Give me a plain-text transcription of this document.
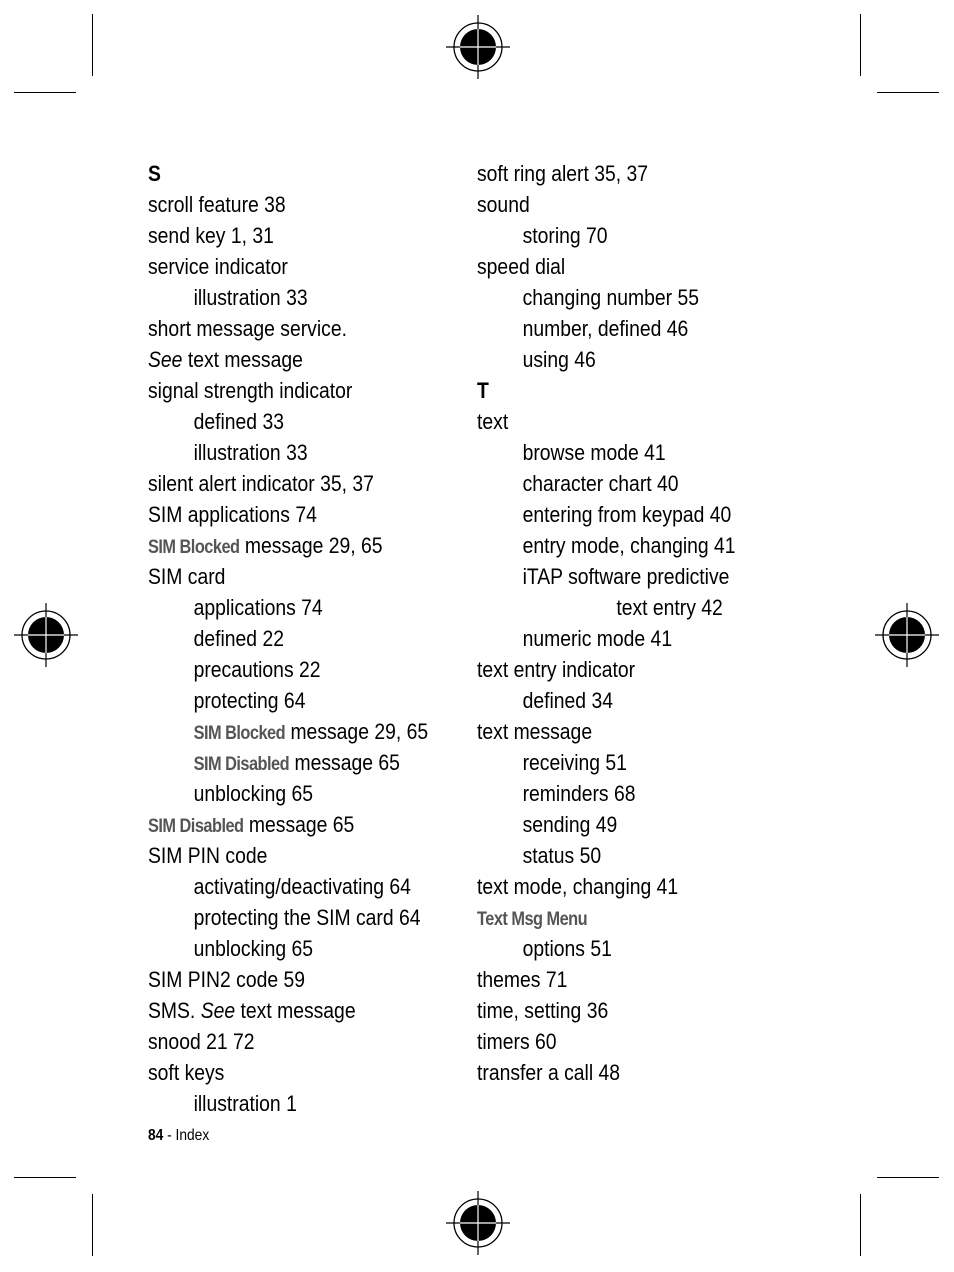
S
scroll feature 38
send key 1, 31
service indicator
illustration 33
short message service.
See text message
signal strength indicator
defined 33
illustration 33
silent alert indicator 35, 37
SIM applications 74
SIM Blocked message 29, 65
SIM card
applications 74
defined 22
precautions 22
protecting 64
SIM Blocked message 29, 65
SIM Disabled message 65
unblocking 65
SIM Disabled message 65
SIM PIN code
activating/deactivating 64
protecting the SIM card 64
unblocking 65
SIM PIN2 code 59
SMS. See text message
snood 21 72
soft keys
illustration 1
soft ring alert 35, 37
sound
storing 70
speed dial
changing number 55
number, defined 46
using 46
T
text
browse mode 41
character chart 40
entering from keypad 40
entry mode, changing 41
iTAP software predictive
text entry 42
numeric mode 41
text entry indicator
defined 34
text message
receiving 51
reminders 68
sending 49
status 50
text mode, changing 41
Text Msg Menu
options 51
themes 71
time, setting 36
timers 60
transfer a call 48
84 - Index
